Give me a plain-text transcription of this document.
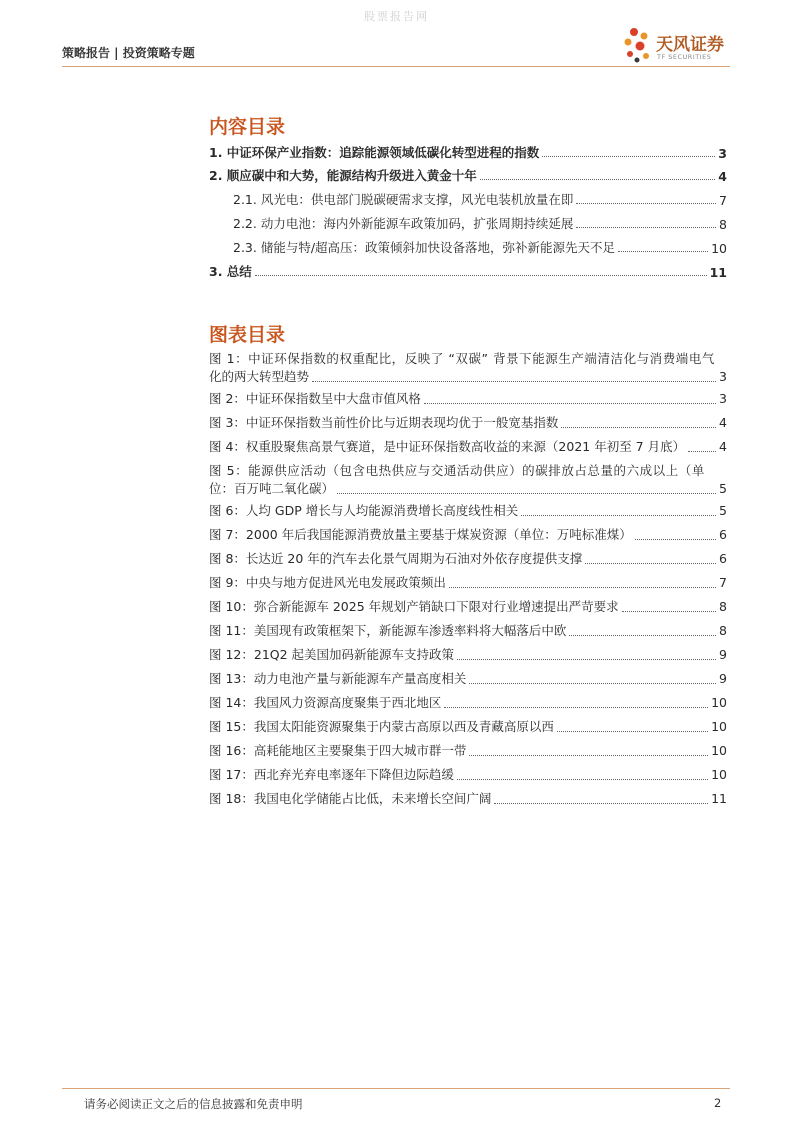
股票报告网
策略报告 | 投资策略专题	天风证券
TF SECURITIES
内容目录
1. 中证环保产业指数：追踪能源领域低碳化转型进程的指数	3
2. 顺应碳中和大势，能源结构升级进入黄金十年	4
2.1. 风光电：供电部门脱碳硬需求支撑，风光电装机放量在即	7
2.2. 动力电池：海内外新能源车政策加码，扩张周期持续延展	8
2.3. 储能与特/超高压：政策倾斜加快设备落地，弥补新能源先天不足	10
3. 总结	11
图表目录
图 1：中证环保指数的权重配比，反映了 “双碳” 背景下能源生产端清洁化与消费端电气
化的两大转型趋势	3
图 2：中证环保指数呈中大盘市值风格	3
图 3：中证环保指数当前性价比与近期表现均优于一般宽基指数	4
图 4：权重股聚焦高景气赛道，是中证环保指数高收益的来源（2021 年初至 7 月底）	4
图 5：能源供应活动（包含电热供应与交通活动供应）的碳排放占总量的六成以上（单
位：百万吨二氧化碳）	5
图 6：人均 GDP 增长与人均能源消费增长高度线性相关	5
图 7：2000 年后我国能源消费放量主要基于煤炭资源（单位：万吨标准煤）	6
图 8：长达近 20 年的汽车去化景气周期为石油对外依存度提供支撑	6
图 9：中央与地方促进风光电发展政策频出	7
图 10：弥合新能源车 2025 年规划产销缺口下限对行业增速提出严苛要求	8
图 11：美国现有政策框架下，新能源车渗透率料将大幅落后中欧	8
图 12：21Q2 起美国加码新能源车支持政策	9
图 13：动力电池产量与新能源车产量高度相关	9
图 14：我国风力资源高度聚集于西北地区	10
图 15：我国太阳能资源聚集于内蒙古高原以西及青藏高原以西	10
图 16：高耗能地区主要聚集于四大城市群一带	10
图 17：西北弃光弃电率逐年下降但边际趋缓	10
图 18：我国电化学储能占比低，未来增长空间广阔	11
请务必阅读正文之后的信息披露和免责申明	2
